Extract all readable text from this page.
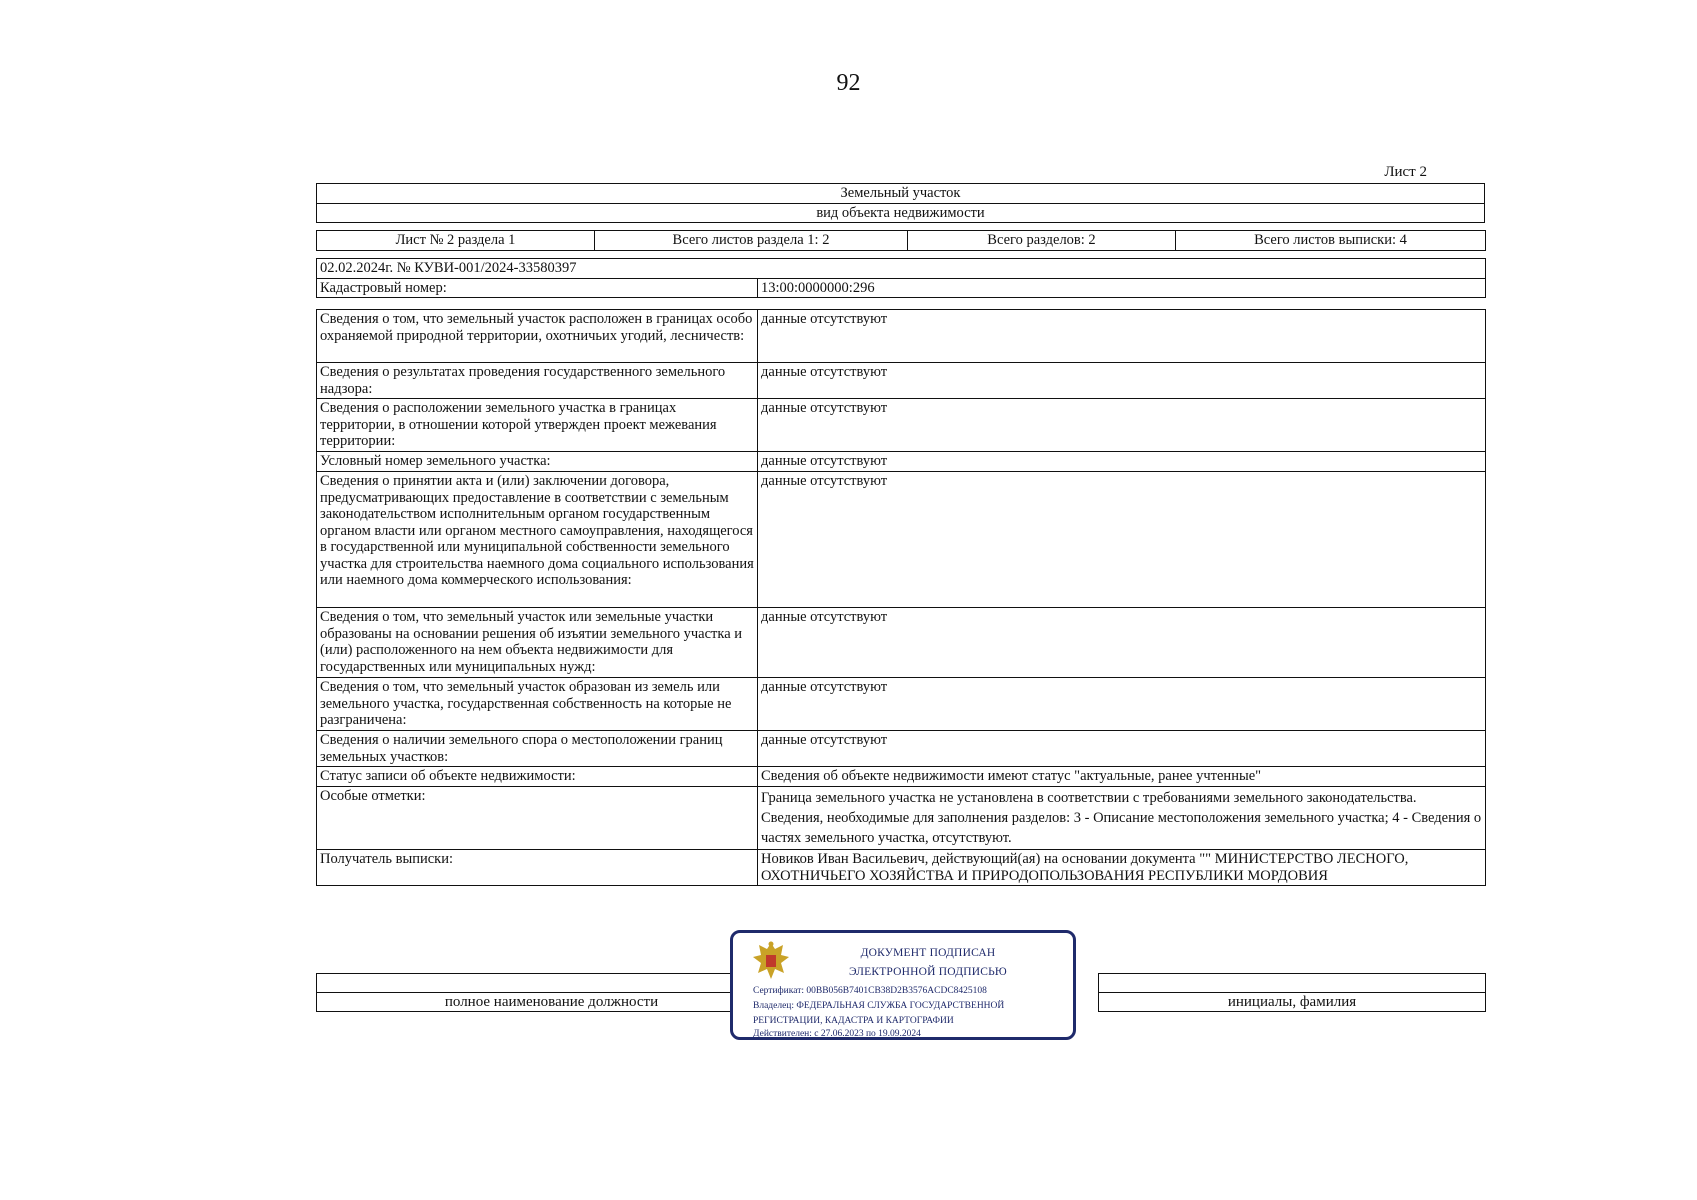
92
Лист 2
Земельный участок
вид объекта недвижимости
Лист № 2 раздела 1	Всего листов раздела 1: 2	Всего разделов: 2	Всего листов выписки: 4
02.02.2024г. № КУВИ-001/2024-33580397
Кадастровый номер:	13:00:0000000:296
Сведения о том, что земельный участок расположен в границах особо охраняемой природной территории, охотничьих угодий, лесничеств:	данные отсутствуют
Сведения о результатах проведения государственного земельного надзора:	данные отсутствуют
Сведения о расположении земельного участка в границах территории, в отношении которой утвержден проект межевания территории:	данные отсутствуют
Условный номер земельного участка:	данные отсутствуют
Сведения о принятии акта и (или) заключении договора, предусматривающих предоставление в соответствии с земельным законодательством исполнительным органом государственным органом власти или органом местного самоуправления, находящегося в государственной или муниципальной собственности земельного участка для строительства наемного дома социального использования или наемного дома коммерческого использования:	данные отсутствуют
Сведения о том, что земельный участок или земельные участки образованы на основании решения об изъятии земельного участка и (или) расположенного на нем объекта недвижимости для государственных или муниципальных нужд:	данные отсутствуют
Сведения о том, что земельный участок образован из земель или земельного участка, государственная собственность на которые не разграничена:	данные отсутствуют
Сведения о наличии земельного спора о местоположении границ земельных участков:	данные отсутствуют
Статус записи об объекте недвижимости:	Сведения об объекте недвижимости имеют статус "актуальные, ранее учтенные"
Особые отметки:	Граница земельного участка не установлена в соответствии с требованиями земельного законодательства. Сведения, необходимые для заполнения разделов: 3 - Описание местоположения земельного участка; 4 - Сведения о частях земельного участка, отсутствуют.
Получатель выписки:	Новиков Иван Васильевич, действующий(ая) на основании документа "" МИНИСТЕРСТВО ЛЕСНОГО, ОХОТНИЧЬЕГО ХОЗЯЙСТВА И ПРИРОДОПОЛЬЗОВАНИЯ РЕСПУБЛИКИ МОРДОВИЯ

полное наименование должности		инициалы, фамилия
ДОКУМЕНТ ПОДПИСАН
ЭЛЕКТРОННОЙ ПОДПИСЬЮ
Сертификат: 00BB056B7401CB38D2B3576ACDC8425108
Владелец: ФЕДЕРАЛЬНАЯ СЛУЖБА ГОСУДАРСТВЕННОЙ
РЕГИСТРАЦИИ, КАДАСТРА И КАРТОГРАФИИ
Действителен: с 27.06.2023 по 19.09.2024
